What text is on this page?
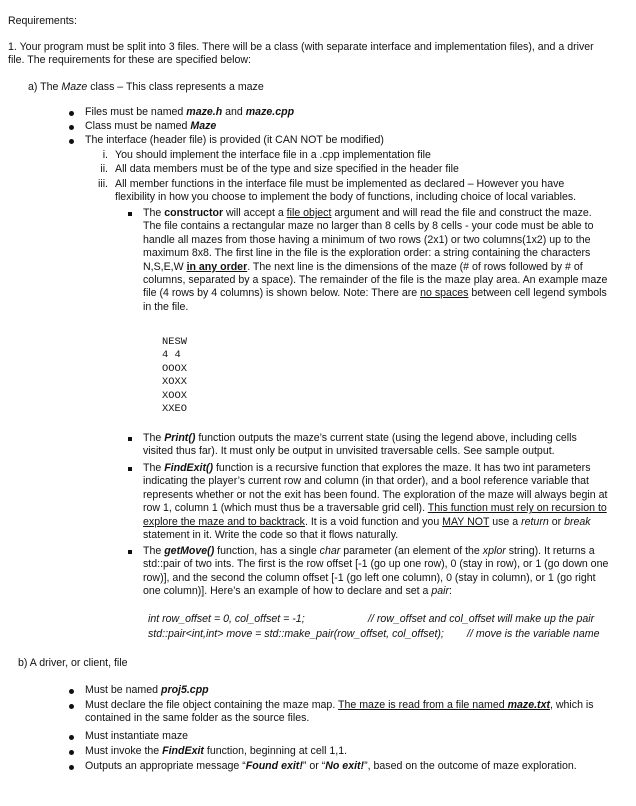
Requirements:

1. Your program must be split into 3 files. There will be a class (with separate interface and implementation files), and a driver file. The requirements for these are specified below:

a) The Maze class – This class represents a maze

Files must be named maze.h and maze.cpp

Class must be named Maze

The interface (header file) is provided (it CAN NOT be modified)

i. You should implement the interface file in a .cpp implementation file

ii. All data members must be of the type and size specified in the header file

iii. All member functions in the interface file must be implemented as declared – However you have flexibility in how you choose to implement the body of functions, including choice of local variables.

The constructor will accept a file object argument and will read the file and construct the maze. The file contains a rectangular maze no larger than 8 cells by 8 cells - your code must be able to handle all mazes from those having a minimum of two rows (2x1) or two columns(1x2) up to the maximum 8x8. The first line in the file is the exploration order: a string containing the characters N,S,E,W in any order. The next line is the dimensions of the maze (# of rows followed by # of columns, separated by a space). The remainder of the file is the maze play area. An example maze file (4 rows by 4 columns) is shown below. Note: There are no spaces between cell legend symbols in the file.

NESW
4 4
OOOX
XOXX
XOOX
XXEO

The Print() function outputs the maze’s current state (using the legend above, including cells visited thus far). It must only be output in unvisited traversable cells. See sample output.

The FindExit() function is a recursive function that explores the maze. It has two int parameters indicating the player’s current row and column (in that order), and a bool reference variable that represents whether or not the exit has been found. The exploration of the maze will always begin at row 1, column 1 (which must thus be a traversable grid cell). This function must rely on recursion to explore the maze and to backtrack. It is a void function and you MAY NOT use a return or break statement in it. Write the code so that it flows naturally.

The getMove() function, has a single char parameter (an element of the xplor string). It returns a std::pair of two ints. The first is the row offset [-1 (go up one row), 0 (stay in row), or 1 (go down one row)], and the second the column offset [-1 (go left one column), 0 (stay in column), or 1 (go right one column)]. Here’s an example of how to declare and set a pair:

int row_offset = 0, col_offset = -1;	// row_offset and col_offset will make up the pair

std::pair<int,int> move = std::make_pair(row_offset, col_offset); // move is the variable name

b) A driver, or client, file

Must be named proj5.cpp

Must declare the file object containing the maze map. The maze is read from a file named maze.txt, which is contained in the same folder as the source files.

Must instantiate maze

Must invoke the FindExit function, beginning at cell 1,1.

Outputs an appropriate message “Found exit!” or “No exit!”, based on the outcome of maze exploration.
